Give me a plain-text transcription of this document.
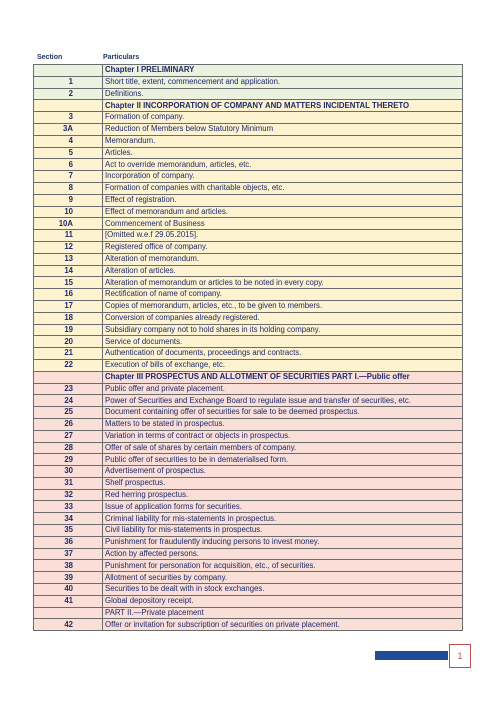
Section	Particulars
	Chapter I PRELIMINARY
1	Short title, extent, commencement and application.
2	Definitions.
	Chapter II INCORPORATION OF COMPANY AND MATTERS INCIDENTAL THERETO
3	Formation of company.
3A	Reduction of Members below Statutory Minimum
4	Memorandum.
5	Articles.
6	Act to override memorandum, articles, etc.
7	Incorporation of company.
8	Formation of companies with charitable objects, etc.
9	Effect of registration.
10	Effect of memorandum and articles.
10A	Commencement of Business
11	[Omitted w.e.f 29.05.2015].
12	Registered office of company.
13	Alteration of memorandum.
14	Alteration of articles.
15	Alteration of memorandum or articles to be noted in every copy.
16	Rectification of name of company.
17	Copies of memorandum, articles, etc., to be given to members.
18	Conversion of companies already registered.
19	Subsidiary company not to hold shares in its holding company.
20	Service of documents.
21	Authentication of documents, proceedings and contracts.
22	Execution of bills of exchange, etc.
	Chapter III PROSPECTUS AND ALLOTMENT OF SECURITIES PART I.—Public offer
23	Public offer and private placement.
24	Power of Securities and Exchange Board to regulate issue and transfer of securities, etc.
25	Document containing offer of securities for sale to be deemed prospectus.
26	Matters to be stated in prospectus.
27	Variation in terms of contract or objects in prospectus.
28	Offer of sale of shares by certain members of company.
29	Public offer of securities to be in dematerialised form.
30	Advertisement of prospectus.
31	Shelf prospectus.
32	Red herring prospectus.
33	Issue of application forms for securities.
34	Criminal liability for mis-statements in prospectus.
35	Civil liability for mis-statements in prospectus.
36	Punishment for fraudulently inducing persons to invest money.
37	Action by affected persons.
38	Punishment for personation for acquisition, etc., of securities.
39	Allotment of securities by company.
40	Securities to be dealt with in stock exchanges.
41	Global depository receipt.
	PART II.—Private placement
42	Offer or invitation for subscription of securities on private placement.
1
